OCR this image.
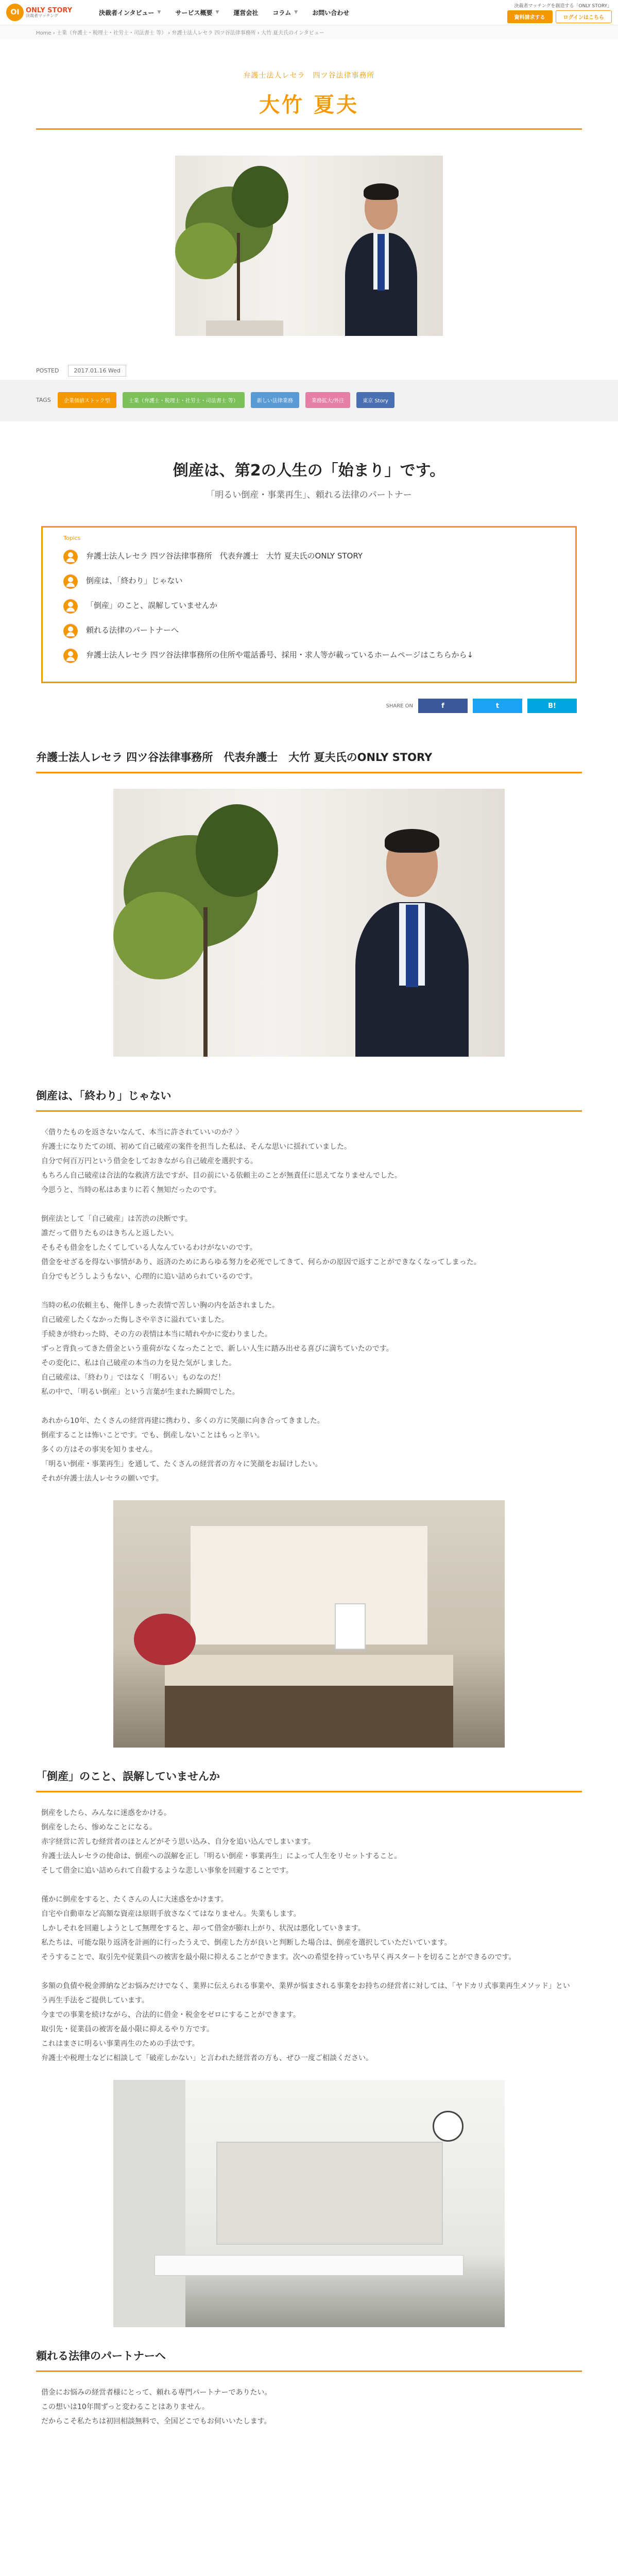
OI ONLY STORY
決裁者マッチング	決裁者インタビュー ▼ サービス概要 ▼ 運営会社 コラム ▼ お問い合わせ
決裁者マッチングを創造する「ONLY STORY」
資料請求する	ログインはこちら
Home › 士業（弁護士・税理士・社労士・司法書士 等） › 弁護士法人レセラ 四ツ谷法律事務所 › 大竹 夏夫氏のインタビュー
弁護士法人レセラ　四ツ谷法律事務所
大竹 夏夫
POSTED	2017.01.16 Wed
TAGS	企業価値ストック型	士業（弁護士・税理士・社労士・司法書士 等）	新しい法律業務	業務拡大/外注	東京 Story
倒産は、第2の人生の「始まり」です。

「明るい倒産・事業再生」、頼れる法律のパートナー

Topics
弁護士法人レセラ 四ツ谷法律事務所　代表弁護士　大竹 夏夫氏のONLY STORY
倒産は、「終わり」じゃない
「倒産」のこと、誤解していませんか
頼れる法律のパートナーへ
弁護士法人レセラ 四ツ谷法律事務所の住所や電話番号、採用・求人等が載っているホームページはこちらから↓
SHARE ON	f	t	B!
弁護士法人レセラ 四ツ谷法律事務所　代表弁護士　大竹 夏夫氏のONLY STORY
倒産は、「終わり」じゃない

〈借りたものを返さないなんて、本当に許されていいのか？〉
弁護士になりたての頃、初めて自己破産の案件を担当した私は、そんな思いに揺れていました。
自分で何百万円という借金をしておきながら自己破産を選択する。
もちろん自己破産は合法的な救済方法ですが、目の前にいる依頼主のことが無責任に思えてなりませんでした。
今思うと、当時の私はあまりに若く無知だったのです。

倒産法として「自己破産」は苦渋の決断です。
誰だって借りたものはきちんと返したい。
そもそも借金をしたくてしている人なんているわけがないのです。
借金をせざるを得ない事情があり、返済のためにあらゆる努力を必死でしてきて、何らかの原因で返すことができなくなってしまった。
自分でもどうしようもない、心理的に追い詰められているのです。

当時の私の依頼主も、俺伴しきった表情で苦しい胸の内を話されました。
自己破産したくなかった悔しさや辛さに溢れていました。
手続きが終わった時、その方の表情は本当に晴れやかに変わりました。
ずっと背負ってきた借金という重荷がなくなったことで、新しい人生に踏み出せる喜びに満ちていたのです。
その変化に、私は自己破産の本当の力を見た気がしました。
自己破産は、「終わり」ではなく「明るい」ものなのだ！
私の中で、「明るい倒産」という言葉が生まれた瞬間でした。

あれから10年、たくさんの経営再建に携わり、多くの方に笑顔に向き合ってきました。
倒産することは怖いことです。でも、倒産しないことはもっと辛い。
多くの方はその事実を知りません。
「明るい倒産・事業再生」を通して、たくさんの経営者の方々に笑顔をお届けしたい。
それが弁護士法人レセラの願いです。

「倒産」のこと、誤解していませんか

倒産をしたら、みんなに迷惑をかける。
倒産をしたら、惨めなことになる。
赤字経営に苦しむ経営者のほとんどがそう思い込み、自分を追い込んでしまいます。
弁護士法人レセラの使命は、倒産への誤解を正し「明るい倒産・事業再生」によって人生をリセットすること。
そして借金に追い詰められて自殺するような悲しい事象を回避することです。

僅かに倒産をすると、たくさんの人に大迷惑をかけます。
自宅や自動車など高額な資産は原則手放さなくてはなりません。失業もします。
しかしそれを回避しようとして無理をすると、却って借金が膨れ上がり、状況は悪化していきます。
私たちは、可能な限り返済を計画的に行ったうえで、倒産した方が良いと判断した場合は、倒産を選択していただいています。
そうすることで、取引先や従業員への被害を最小限に抑えることができます。次への希望を持っていち早く再スタートを切ることができるのです。

多額の負債や税金滞納などお悩みだけでなく、業界に伝えられる事業や、業界が悩まされる事業をお持ちの経営者に対しては、「ヤドカリ式事業再生メソッド」という再生手法をご提供しています。
今までの事業を続けながら、合法的に借金・税金をゼロにすることができます。
取引先・従業員の被害を最小限に抑えるやり方です。
これはまさに明るい事業再生のための手法です。
弁護士や税理士などに相談して「破産しかない」と言われた経営者の方も、ぜひ一度ご相談ください。

頼れる法律のパートナーへ

借金にお悩みの経営者様にとって、頼れる専門パートナーでありたい。
この想いは10年間ずっと変わることはありません。
だからこそ私たちは初回相談無料で、全国どこでもお伺いいたします。
